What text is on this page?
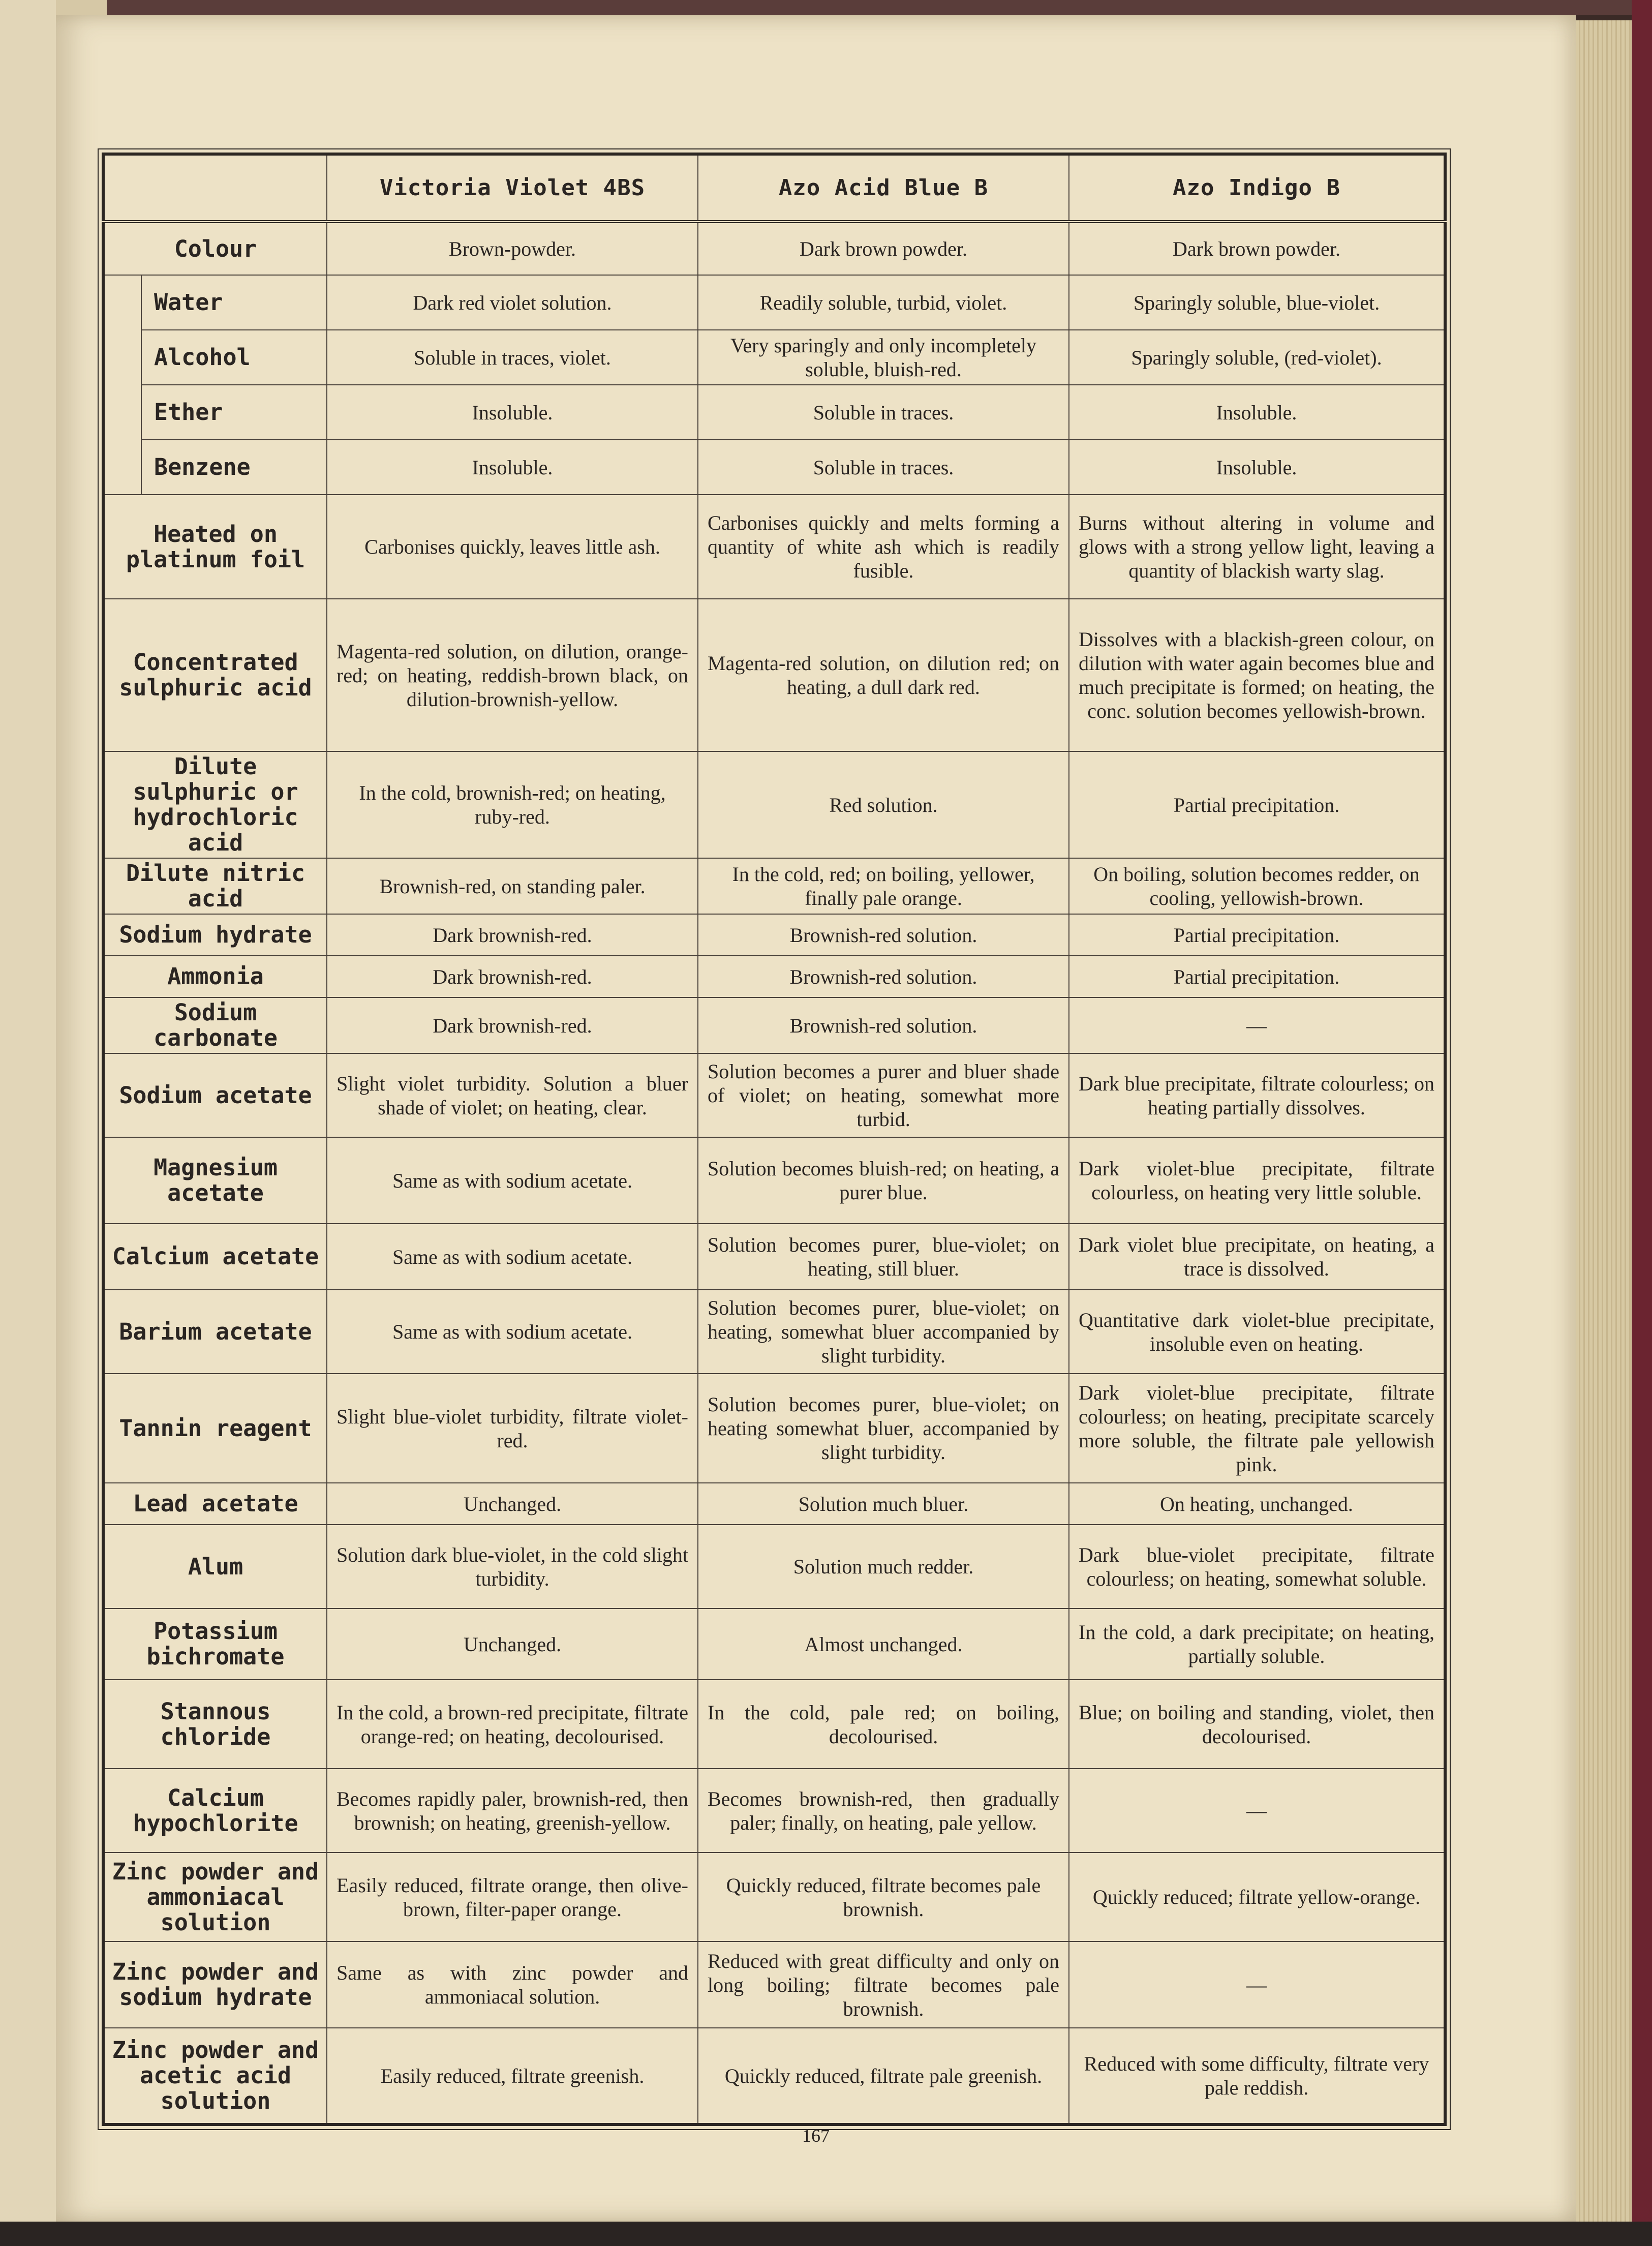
167
		Victoria Violet 4BS	Azo Acid Blue B	Azo Indigo B
Colour		Brown-powder.	Dark brown powder.	Dark brown powder.
	Water	Dark red violet solution.	Readily soluble, turbid, violet.	Sparingly soluble, blue-violet.
	Alcohol	Soluble in traces, violet.	Very sparingly and only incompletely soluble, bluish-red.	Sparingly soluble, (red-violet).
	Ether	Insoluble.	Soluble in traces.	Insoluble.
	Benzene	Insoluble.	Soluble in traces.	Insoluble.
Heated on platinum foil		Carbonises quickly, leaves little ash.	Carbonises quickly and melts forming a quantity of white ash which is readily fusible.	Burns without altering in volume and glows with a strong yellow light, leaving a quantity of blackish warty slag.
Concentrated sulphuric acid		Magenta-red solution, on dilution, orange-red; on heating, reddish-brown black, on dilution-brownish-yellow.	Magenta-red solution, on dilution red; on heating, a dull dark red.	Dissolves with a blackish-green colour, on dilution with water again becomes blue and much precipitate is formed; on heating, the conc. solution becomes yellowish-brown.
Dilute sulphuric or hydrochloric acid		In the cold, brownish-red; on heating, ruby-red.	Red solution.	Partial precipitation.
Dilute nitric acid		Brownish-red, on standing paler.	In the cold, red; on boiling, yellower, finally pale orange.	On boiling, solution becomes redder, on cooling, yellowish-brown.
Sodium hydrate		Dark brownish-red.	Brownish-red solution.	Partial precipitation.
Ammonia		Dark brownish-red.	Brownish-red solution.	Partial precipitation.
Sodium carbonate		Dark brownish-red.	Brownish-red solution.	—
Sodium acetate		Slight violet turbidity. Solution a bluer shade of violet; on heating, clear.	Solution becomes a purer and bluer shade of violet; on heating, somewhat more turbid.	Dark blue precipitate, filtrate colourless; on heating partially dissolves.
Magnesium acetate		Same as with sodium acetate.	Solution becomes bluish-red; on heating, a purer blue.	Dark violet-blue precipitate, filtrate colourless, on heating very little soluble.
Calcium acetate		Same as with sodium acetate.	Solution becomes purer, blue-violet; on heating, still bluer.	Dark violet blue precipitate, on heating, a trace is dissolved.
Barium acetate		Same as with sodium acetate.	Solution becomes purer, blue-violet; on heating, somewhat bluer accompanied by slight turbidity.	Quantitative dark violet-blue precipitate, insoluble even on heating.
Tannin reagent		Slight blue-violet turbidity, filtrate violet-red.	Solution becomes purer, blue-violet; on heating somewhat bluer, accompanied by slight turbidity.	Dark violet-blue precipitate, filtrate colourless; on heating, precipitate scarcely more soluble, the filtrate pale yellowish pink.
Lead acetate		Unchanged.	Solution much bluer.	On heating, unchanged.
Alum		Solution dark blue-violet, in the cold slight turbidity.	Solution much redder.	Dark blue-violet precipitate, filtrate colourless; on heating, somewhat soluble.
Potassium bichromate		Unchanged.	Almost unchanged.	In the cold, a dark precipitate; on heating, partially soluble.
Stannous chloride		In the cold, a brown-red precipitate, filtrate orange-red; on heating, decolourised.	In the cold, pale red; on boiling, decolourised.	Blue; on boiling and standing, violet, then decolourised.
Calcium hypochlorite		Becomes rapidly paler, brownish-red, then brownish; on heating, greenish-yellow.	Becomes brownish-red, then gradually paler; finally, on heating, pale yellow.	—
Zinc powder and ammoniacal solution		Easily reduced, filtrate orange, then olive-brown, filter-paper orange.	Quickly reduced, filtrate becomes pale brownish.	Quickly reduced; filtrate yellow-orange.
Zinc powder and sodium hydrate		Same as with zinc powder and ammoniacal solution.	Reduced with great difficulty and only on long boiling; filtrate becomes pale brownish.	—
Zinc powder and acetic acid solution		Easily reduced, filtrate greenish.	Quickly reduced, filtrate pale greenish.	Reduced with some difficulty, filtrate very pale reddish.
